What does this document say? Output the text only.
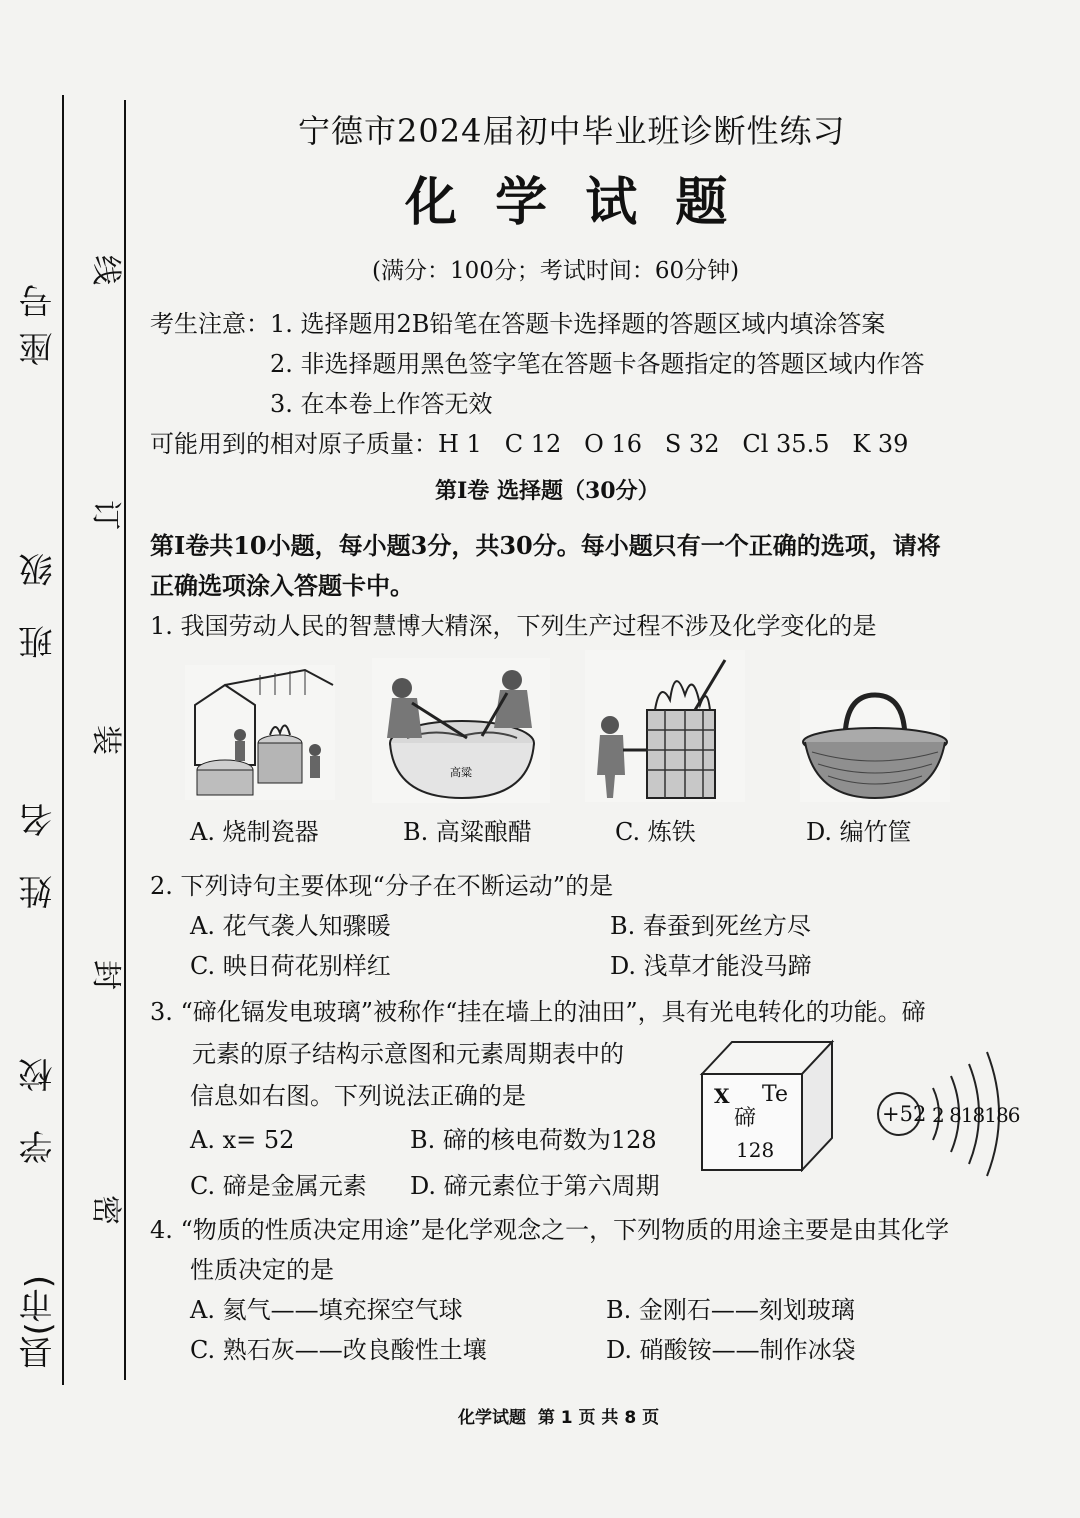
座号
班级
姓名
学校
县(市)
线
订
装
封
密
宁德市2024届初中毕业班诊断性练习
化 学 试 题
(满分：100分；考试时间：60分钟)
考生注意： 1. 选择题用2B铅笔在答题卡选择题的答题区域内填涂答案
2. 非选择题用黑色签字笔在答题卡各题指定的答题区域内作答
3. 在本卷上作答无效
可能用到的相对原子质量：H 1   C 12   O 16   S 32   Cl 35.5   K 39
第Ⅰ卷 选择题（30分）
第Ⅰ卷共10小题，每小题3分，共30分。每小题只有一个正确的选项，请将
正确选项涂入答题卡中。
1. 我国劳动人民的智慧博大精深，下列生产过程不涉及化学变化的是
高粱
A. 烧制瓷器	B. 高粱酿醋	C. 炼铁	D. 编竹筐
2. 下列诗句主要体现“分子在不断运动”的是
A. 花气袭人知骤暖	B. 春蚕到死丝方尽
C. 映日荷花别样红	D. 浅草才能没马蹄
3. “碲化镉发电玻璃”被称作“挂在墙上的油田”，具有光电转化的功能。碲
元素的原子结构示意图和元素周期表中的
信息如右图。下列说法正确的是
A. x= 52	B. 碲的核电荷数为128
C. 碲是金属元素 D. 碲元素位于第六周期
X Te
碲
128
+52 2 818186
4. “物质的性质决定用途”是化学观念之一，下列物质的用途主要是由其化学
性质决定的是
A. 氦气——填充探空气球	B. 金刚石——刻划玻璃
C. 熟石灰——改良酸性土壤	D. 硝酸铵——制作冰袋
化学试题  第 1 页 共 8 页
